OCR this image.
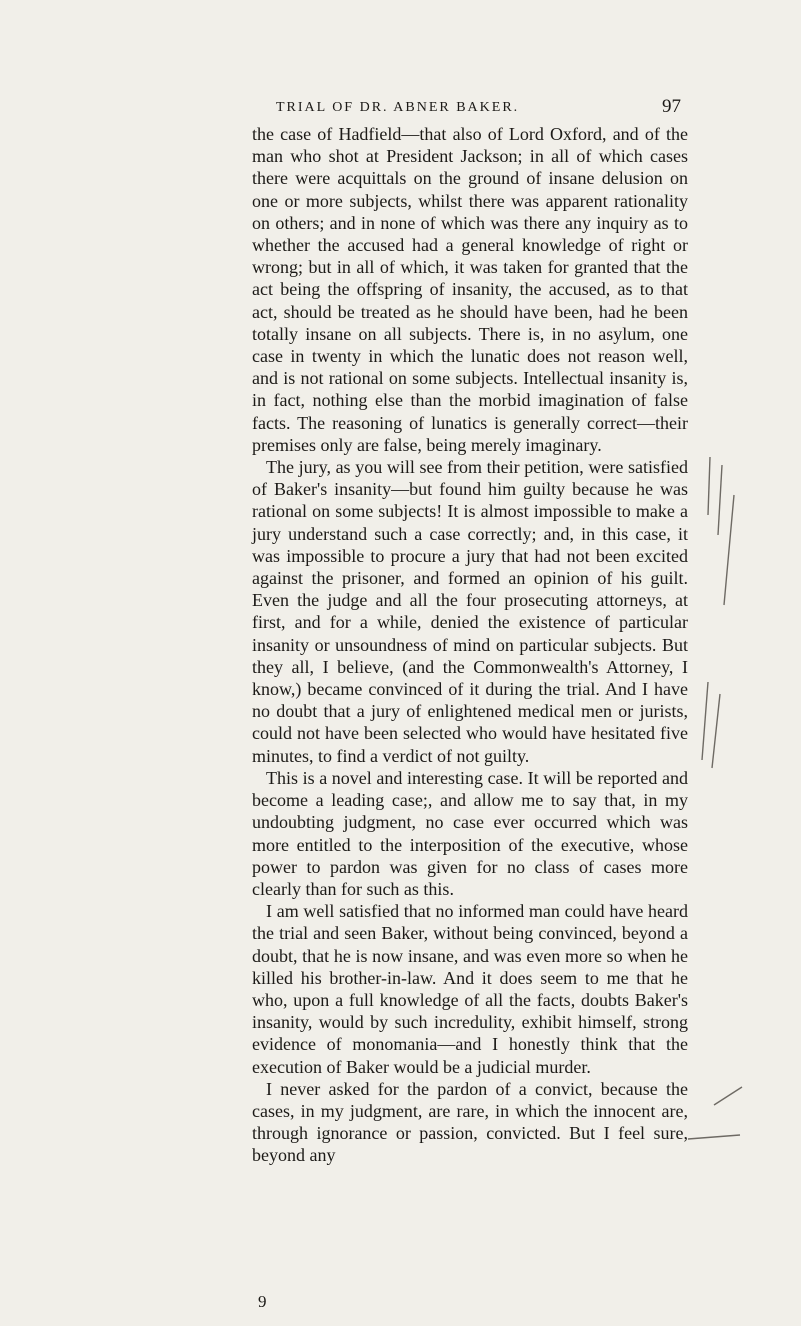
TRIAL OF DR. ABNER BAKER.	97

the case of Hadfield—that also of Lord Oxford, and of the man who shot at President Jackson; in all of which cases there were acquittals on the ground of insane delusion on one or more subjects, whilst there was apparent rationality on others; and in none of which was there any inquiry as to whether the accused had a general knowledge of right or wrong; but in all of which, it was taken for granted that the act being the offspring of insanity, the accused, as to that act, should be treated as he should have been, had he been totally insane on all subjects. There is, in no asylum, one case in twenty in which the lunatic does not reason well, and is not rational on some subjects. Intellectual insanity is, in fact, nothing else than the morbid imagination of false facts. The reasoning of lunatics is generally correct—their premises only are false, being merely imaginary.

The jury, as you will see from their petition, were satisfied of Baker's insanity—but found him guilty because he was rational on some subjects! It is almost impossible to make a jury understand such a case correctly; and, in this case, it was impossible to procure a jury that had not been excited against the prisoner, and formed an opinion of his guilt. Even the judge and all the four prosecuting attorneys, at first, and for a while, denied the existence of particular insanity or unsoundness of mind on particular subjects. But they all, I believe, (and the Commonwealth's Attorney, I know,) became convinced of it during the trial. And I have no doubt that a jury of enlightened medical men or jurists, could not have been selected who would have hesitated five minutes, to find a verdict of not guilty.

This is a novel and interesting case. It will be reported and become a leading case;, and allow me to say that, in my undoubting judgment, no case ever occurred which was more entitled to the interposition of the executive, whose power to pardon was given for no class of cases more clearly than for such as this.

I am well satisfied that no informed man could have heard the trial and seen Baker, without being convinced, beyond a doubt, that he is now insane, and was even more so when he killed his brother-in-law. And it does seem to me that he who, upon a full knowledge of all the facts, doubts Baker's insanity, would by such incredulity, exhibit himself, strong evidence of monomania—and I honestly think that the execution of Baker would be a judicial murder.

I never asked for the pardon of a convict, because the cases, in my judgment, are rare, in which the innocent are, through ignorance or passion, convicted. But I feel sure, beyond any

9
